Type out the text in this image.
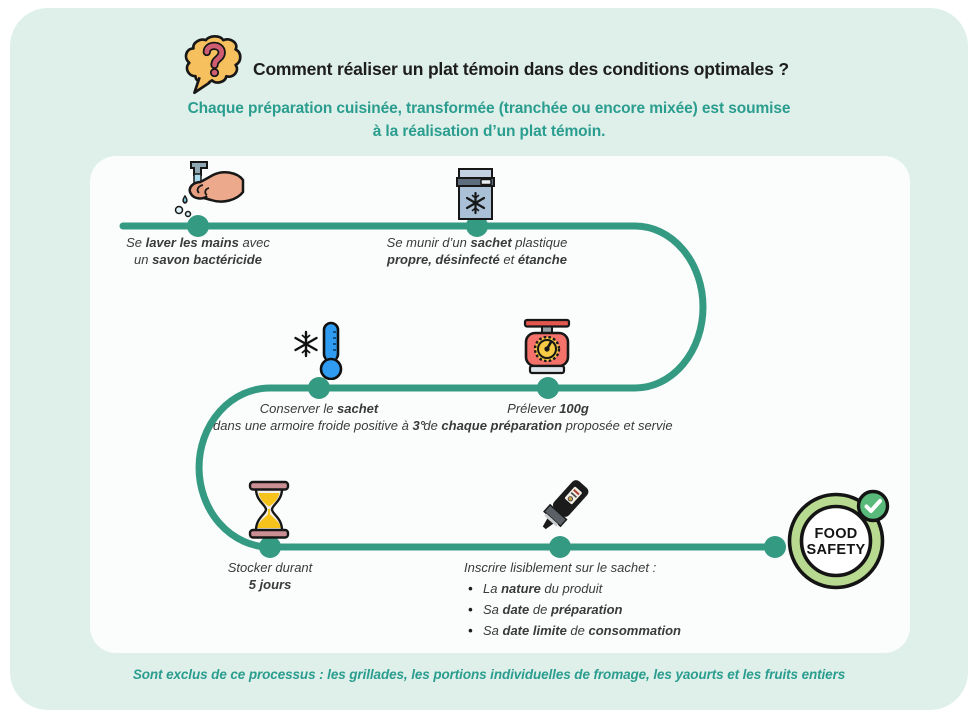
Comment réaliser un plat témoin dans des conditions optimales ?
Chaque préparation cuisinée, transformée (tranchée ou encore mixée) est soumise
à la réalisation d’un plat témoin.
Se laver les mains avec
un savon bactéricide
Se munir d’un sachet plastique
propre, désinfecté et étanche
Conserver le sachet
dans une armoire froide positive à 3°
Prélever 100g
de chaque préparation proposée et servie
Stocker durant
5 jours
Inscrire lisiblement sur le sachet :
• La nature du produit
• Sa date de préparation
• Sa date limite de consommation
FOOD
SAFETY
Sont exclus de ce processus : les grillades, les portions individuelles de fromage, les yaourts et les fruits entiers
